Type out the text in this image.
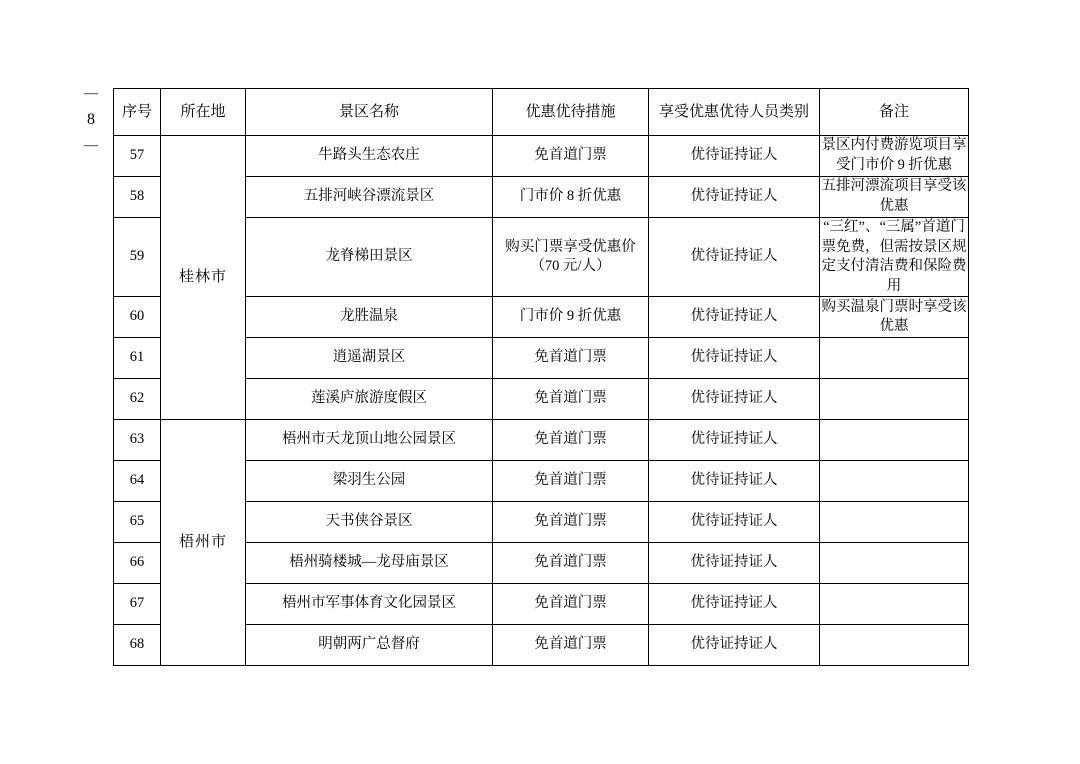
—
8
—
序号	所在地	景区名称	优惠优待措施	享受优惠优待人员类别	备注
57	桂林市	牛路头生态农庄	免首道门票	优待证持证人	景区内付费游览项目享受门市价 9 折优惠
58		五排河峡谷漂流景区	门市价 8 折优惠	优待证持证人	五排河漂流项目享受该优惠
59		龙脊梯田景区	购买门票享受优惠价（70 元/人）	优待证持证人	“三红”、“三属”首道门票免费，但需按景区规定支付清洁费和保险费用
60		龙胜温泉	门市价 9 折优惠	优待证持证人	购买温泉门票时享受该优惠
61		逍遥湖景区	免首道门票	优待证持证人	
62		莲溪庐旅游度假区	免首道门票	优待证持证人	
63	梧州市	梧州市天龙顶山地公园景区	免首道门票	优待证持证人	
64		梁羽生公园	免首道门票	优待证持证人	
65		天书侠谷景区	免首道门票	优待证持证人	
66		梧州骑楼城—龙母庙景区	免首道门票	优待证持证人	
67		梧州市军事体育文化园景区	免首道门票	优待证持证人	
68		明朝两广总督府	免首道门票	优待证持证人	
